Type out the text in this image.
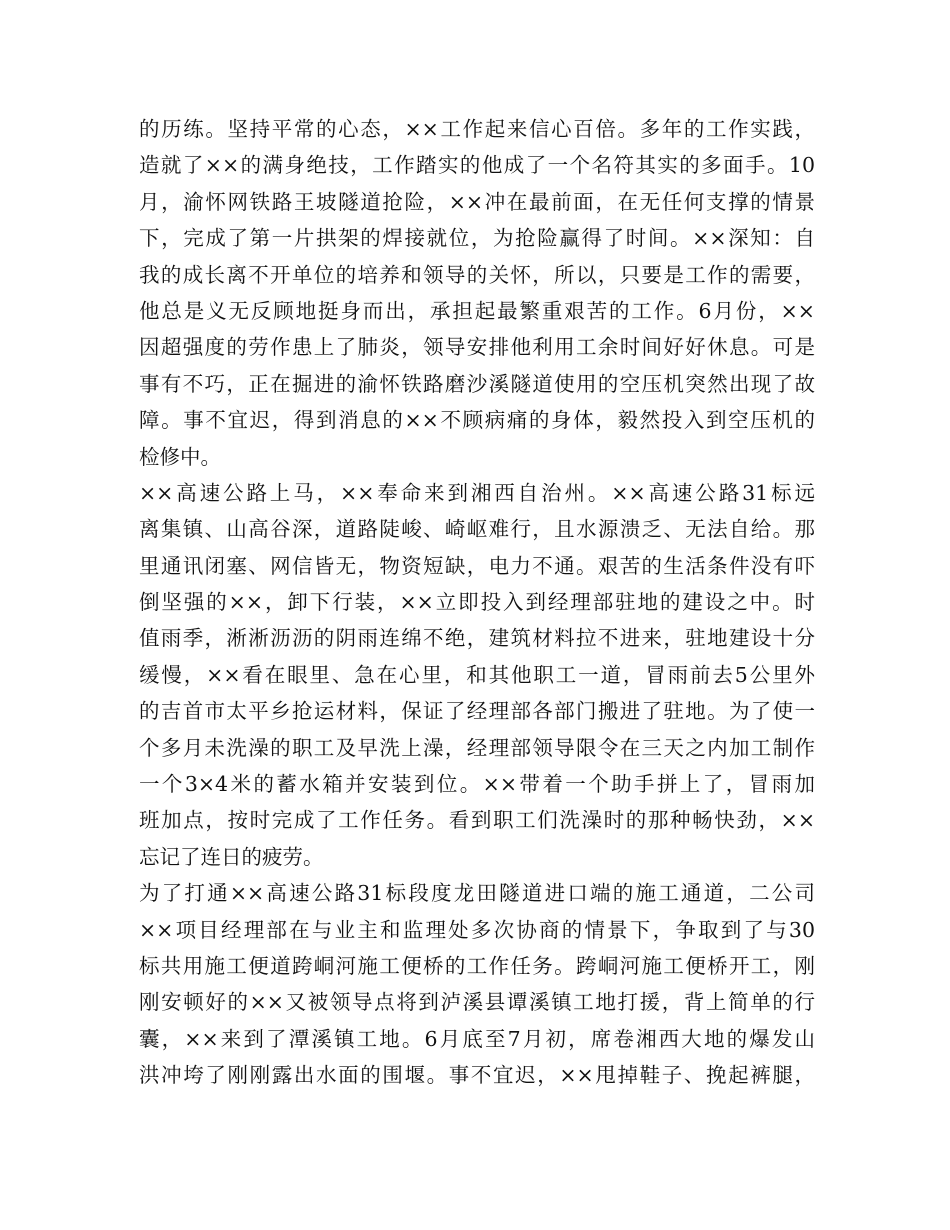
的历练。坚持平常的心态，××工作起来信心百倍。多年的工作实践，
造就了××的满身绝技，工作踏实的他成了一个名符其实的多面手。10
月，渝怀网铁路王坡隧道抢险，××冲在最前面，在无任何支撑的情景
下，完成了第一片拱架的焊接就位，为抢险赢得了时间。××深知：自
我的成长离不开单位的培养和领导的关怀，所以，只要是工作的需要，
他总是义无反顾地挺身而出，承担起最繁重艰苦的工作。6月份，××
因超强度的劳作患上了肺炎，领导安排他利用工余时间好好休息。可是
事有不巧，正在掘进的渝怀铁路磨沙溪隧道使用的空压机突然出现了故
障。事不宜迟，得到消息的××不顾病痛的身体，毅然投入到空压机的
检修中。
××高速公路上马，××奉命来到湘西自治州。××高速公路31标远
离集镇、山高谷深，道路陡峻、崎岖难行，且水源溃乏、无法自给。那
里通讯闭塞、网信皆无，物资短缺，电力不通。艰苦的生活条件没有吓
倒坚强的××，卸下行装，××立即投入到经理部驻地的建设之中。时
值雨季，淅淅沥沥的阴雨连绵不绝，建筑材料拉不进来，驻地建设十分
缓慢，××看在眼里、急在心里，和其他职工一道，冒雨前去5公里外
的吉首市太平乡抢运材料，保证了经理部各部门搬进了驻地。为了使一
个多月未洗澡的职工及早洗上澡，经理部领导限令在三天之内加工制作
一个3×4米的蓄水箱并安装到位。××带着一个助手拼上了，冒雨加
班加点，按时完成了工作任务。看到职工们洗澡时的那种畅快劲，××
忘记了连日的疲劳。
为了打通××高速公路31标段度龙田隧道进口端的施工通道，二公司
××项目经理部在与业主和监理处多次协商的情景下，争取到了与30
标共用施工便道跨峒河施工便桥的工作任务。跨峒河施工便桥开工，刚
刚安顿好的××又被领导点将到泸溪县谭溪镇工地打援，背上简单的行
囊，××来到了潭溪镇工地。6月底至7月初，席卷湘西大地的爆发山
洪冲垮了刚刚露出水面的围堰。事不宜迟，××甩掉鞋子、挽起裤腿，
